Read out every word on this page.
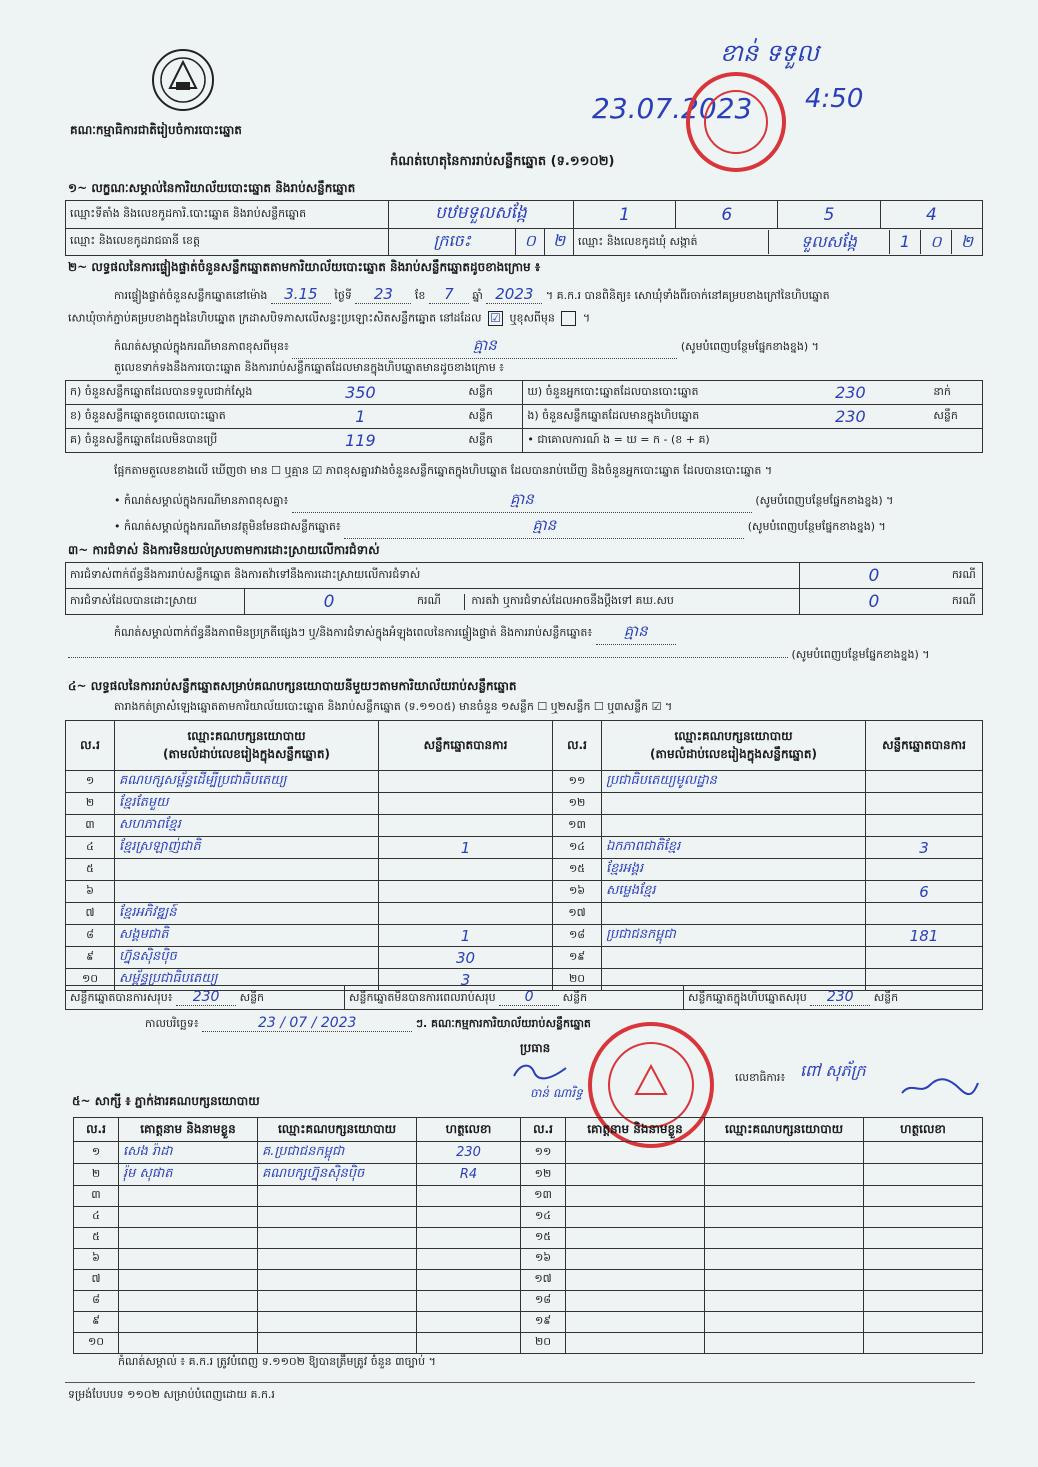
គណៈកម្មាធិការជាតិរៀបចំការបោះឆ្នោត
ខាន់ ទទួល
23.07.2023 4:50
កំណត់ហេតុនៃការរាប់សន្លឹកឆ្នោត (ទ.១១០២)
១~ លក្ខណៈសម្គាល់នៃការិយាល័យបោះឆ្នោត និងរាប់សន្លឹកឆ្នោត
ឈ្មោះទីតាំង និងលេខកូដការិ.បោះឆ្នោត និងរាប់សន្លឹកឆ្នោត	បឋមទួលសង្កែ			1	6	5	4
ឈ្មោះ និងលេខកូដរាជធានី ខេត្ត	ក្រចេះ	០	២	ឈ្មោះ និងលេខកូដឃុំ សង្កាត់ ទួលសង្កែ 1 ០ ២			
២~ លទ្ធផលនៃការផ្ទៀងផ្ទាត់ចំនួនសន្លឹកឆ្នោតតាមការិយាល័យបោះឆ្នោត និងរាប់សន្លឹកឆ្នោតដូចខាងក្រោម ៖
ការផ្ទៀងផ្ទាត់ចំនួនសន្លឹកឆ្នោតនៅម៉ោង 3.15 ថ្ងៃទី 23 ខែ 7 ឆ្នាំ 2023 ។ គ.ក.រ បានពិនិត្យ៖ សោឃុំទាំងពីរចាក់នៅគម្របខាងក្រៅនៃហិបឆ្នោត
សោឃុំចាក់ភ្ជាប់គម្របខាងក្នុងនៃហិបឆ្នោត ក្រដាសបិទភាសលើសន្ទះប្រឡោះសិតសន្លឹកឆ្នោត នៅដដែល ☑ ឬខុសពីមុន  ។
កំណត់សម្គាល់ក្នុងករណីមានភាពខុសពីមុន៖	គ្មាន	(សូមបំពេញបន្ថែមផ្នែកខាងខ្នង) ។
តួលេខទាក់ទងនឹងការបោះឆ្នោត និងការរាប់សន្លឹកឆ្នោតដែលមានក្នុងហិបឆ្នោតមានដូចខាងក្រោម ៖
ក) ចំនួនសន្លឹកឆ្នោតដែលបានទទួលជាក់ស្តែង	350	សន្លឹក	ឃ) ចំនួនអ្នកបោះឆ្នោតដែលបានបោះឆ្នោត	230	នាក់
ខ) ចំនួនសន្លឹកឆ្នោតខូចពេលបោះឆ្នោត	1	សន្លឹក	ង) ចំនួនសន្លឹកឆ្នោតដែលមានក្នុងហិបឆ្នោត	230	សន្លឹក
គ) ចំនួនសន្លឹកឆ្នោតដែលមិនបានប្រើ	119	សន្លឹក	• ជាគោលការណ៍ ង = ឃ = ក - (ខ + គ)		
ផ្អែកតាមតួលេខខាងលើ ឃើញថា មាន ☐ ឬគ្មាន ☑ ភាពខុសគ្នារវាងចំនួនសន្លឹកឆ្នោតក្នុងហិបឆ្នោត ដែលបានរាប់ឃើញ និងចំនួនអ្នកបោះឆ្នោត ដែលបានបោះឆ្នោត ។
• កំណត់សម្គាល់ក្នុងករណីមានភាពខុសគ្នា៖	គ្មាន	(សូមបំពេញបន្ថែមផ្នែកខាងខ្នង) ។
• កំណត់សម្គាល់ក្នុងករណីមានវត្ថុមិនមែនជាសន្លឹកឆ្នោត៖	គ្មាន	(សូមបំពេញបន្ថែមផ្នែកខាងខ្នង) ។
៣~ ការជំទាស់ និងការមិនយល់ស្របតាមការដោះស្រាយលើការជំទាស់
ការជំទាស់ពាក់ព័ន្ធនឹងការរាប់សន្លឹកឆ្នោត និងការតវ៉ាទៅនឹងការដោះស្រាយលើការជំទាស់			0	ករណី
ការជំទាស់ដែលបានដោះស្រាយ	0	ករណី ការតវ៉ា ឬការជំទាស់ដែលអាចនឹងប្តឹងទៅ គឃ.សប	0	ករណី
កំណត់សម្គាល់ពាក់ព័ន្ធនឹងភាពមិនប្រក្រតីផ្សេងៗ ឬ/និងការជំទាស់ក្នុងអំឡុងពេលនៃការផ្ទៀងផ្ទាត់ និងការរាប់សន្លឹកឆ្នោត៖ គ្មាន
(សូមបំពេញបន្ថែមផ្នែកខាងខ្នង) ។
៤~ លទ្ធផលនៃការរាប់សន្លឹកឆ្នោតសម្រាប់គណបក្សនយោបាយនីមួយៗតាមការិយាល័យរាប់សន្លឹកឆ្នោត
តារាងកត់ត្រាសំឡេងឆ្នោតតាមការិយាល័យបោះឆ្នោត និងរាប់សន្លឹកឆ្នោត (ទ.១១០៥) មានចំនួន ១សន្លឹក ☐ ឬ២សន្លឹក ☐ ឬ៣សន្លឹក ☑ ។
ល.រ	ឈ្មោះគណបក្សនយោបាយ
(តាមលំដាប់លេខរៀងក្នុងសន្លឹកឆ្នោត)	សន្លឹកឆ្នោតបានការ	ល.រ	ឈ្មោះគណបក្សនយោបាយ
(តាមលំដាប់លេខរៀងក្នុងសន្លឹកឆ្នោត)	សន្លឹកឆ្នោតបានការ
១	គណបក្សសម្ព័ន្ធដើម្បីប្រជាធិបតេយ្យ		១១	ប្រជាធិបតេយ្យមូលដ្ឋាន	
២	ខ្មែរតែមួយ		១២		
៣	សហភាពខ្មែរ		១៣		
៤	ខ្មែរស្រឡាញ់ជាតិ	1	១៤	ឯកភាពជាតិខ្មែរ	3
៥			១៥	ខ្មែរអង្គរ	
៦			១៦	សម្លេងខ្មែរ	6
៧	ខ្មែរអភិវឌ្ឍន៍		១៧		
៨	សង្គមជាតិ	1	១៨	ប្រជាជនកម្ពុជា	181
៩	ហ្វ៊ុនស៊ិនប៉ិច	30	១៩		
១០	សម្ព័ន្ធប្រជាធិបតេយ្យ	3	២០		
សន្លឹកឆ្នោតបានការសរុប៖ 230 សន្លឹក	សន្លឹកឆ្នោតមិនបានការពេលរាប់សរុប 0	សន្លឹក	សន្លឹកឆ្នោតក្នុងហិបឆ្នោតសរុប 230 សន្លឹក
កាលបរិច្ឆេទ៖	23 / 07 / 2023	ៗ. គណៈកម្មការការិយាល័យរាប់សន្លឹកឆ្នោត
ប្រធាន
ចាន់ ណារិទ្ធ
លេខាធិការ៖ ពៅ សុភ័ក្រ
៥~ សាក្សី ៖ ភ្នាក់ងារគណបក្សនយោបាយ
ល.រ	គោត្តនាម និងនាមខ្លួន	ឈ្មោះគណបក្សនយោបាយ	ហត្ថលេខា	ល.រ	គោត្តនាម និងនាមខ្លួន	ឈ្មោះគណបក្សនយោបាយ	ហត្ថលេខា
១	សេង រ៉ាដា	គ.ប្រជាជនកម្ពុជា	230	១១			
២	រ៉ុម សុផាត	គណបក្សហ្វ៊ុនស៊ិនប៉ិច	R4	១២			
៣				១៣			
៤				១៤			
៥				១៥			
៦				១៦			
៧				១៧			
៨				១៨			
៩				១៩			
១០				២០			
កំណត់សម្គាល់ ៖ គ.ក.រ ត្រូវបំពេញ ទ.១១០២ ឱ្យបានត្រឹមត្រូវ ចំនួន ៣ច្បាប់ ។
ទម្រង់បែបបទ ១១០២ សម្រាប់បំពេញដោយ គ.ក.រ
